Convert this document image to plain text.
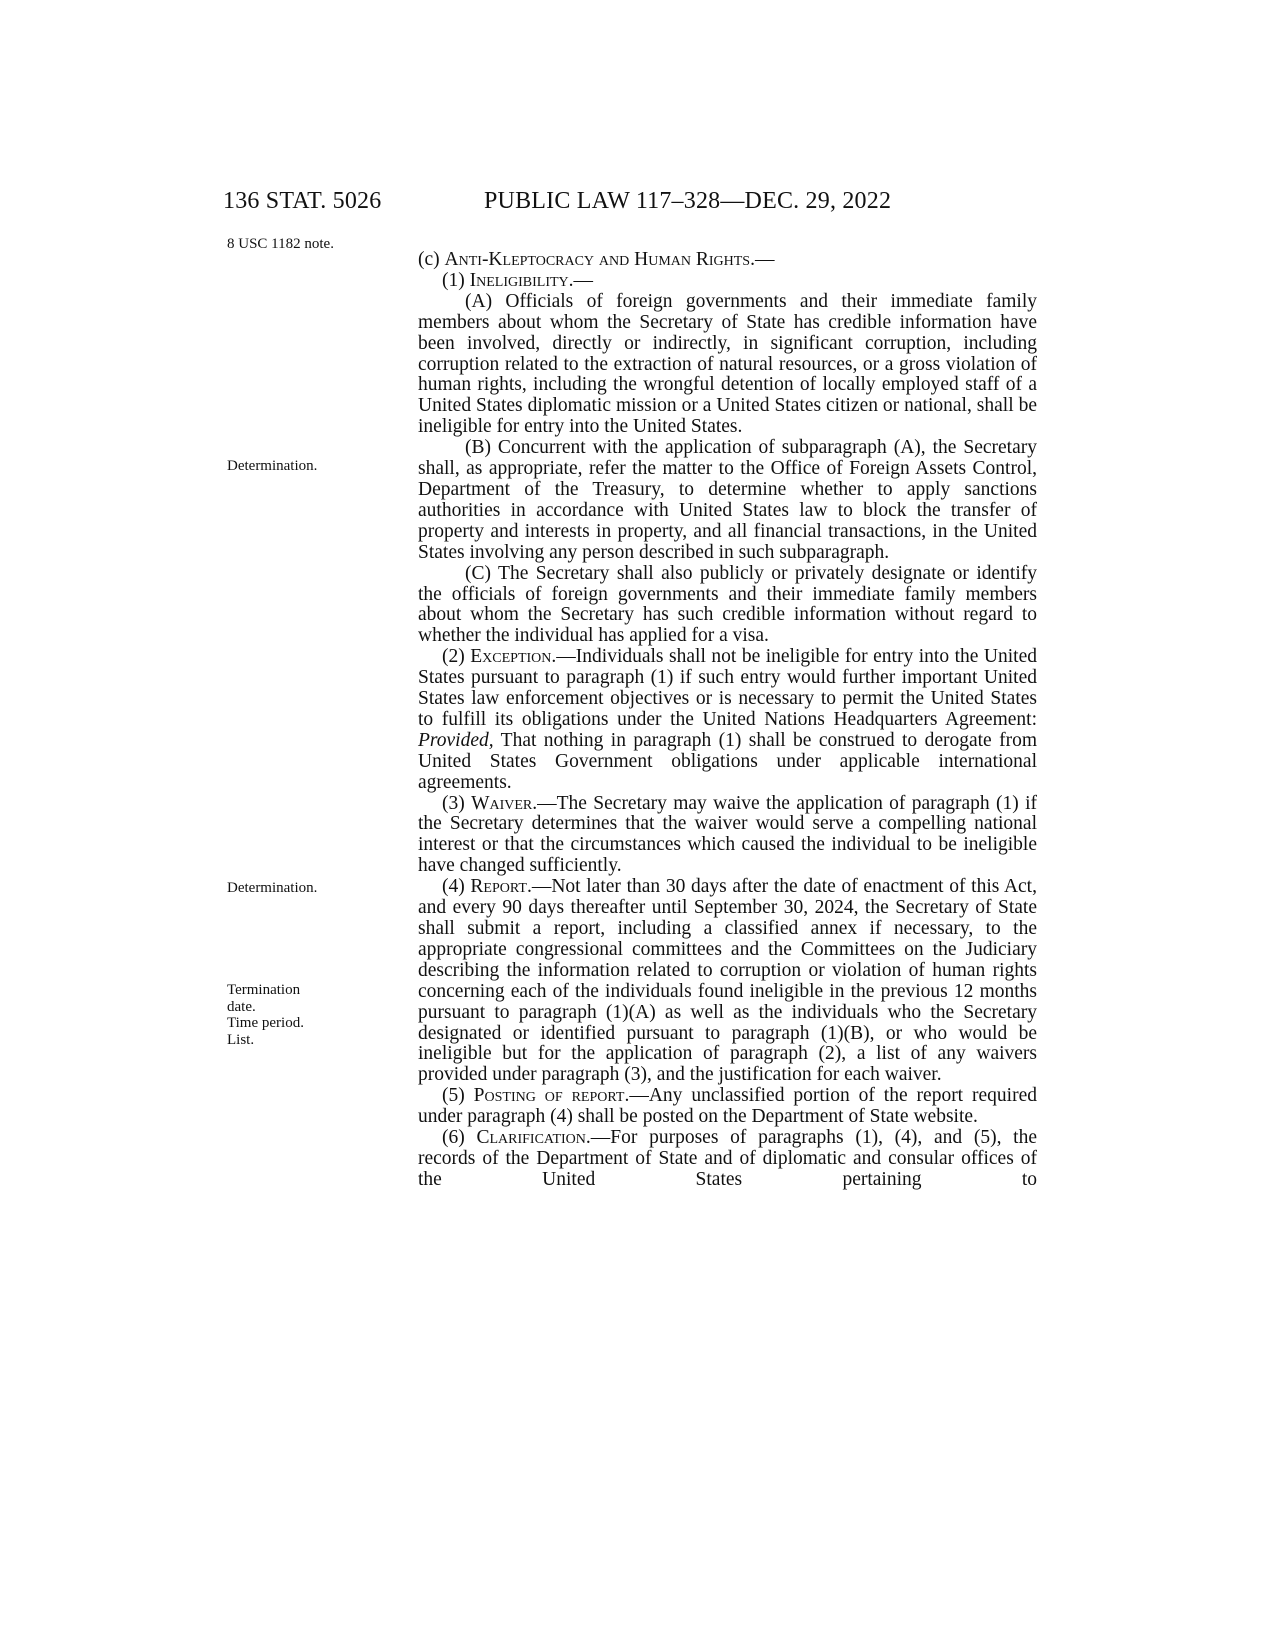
136 STAT. 5026	PUBLIC LAW 117–328—DEC. 29, 2022
8 USC 1182 note.
Determination.
Determination.
Termination
date.
Time period.
List.

(c) Anti-Kleptocracy and Human Rights.—

(1) Ineligibility.—

(A) Officials of foreign governments and their immediate family members about whom the Secretary of State has credible information have been involved, directly or indirectly, in significant corruption, including corruption related to the extraction of natural resources, or a gross violation of human rights, including the wrongful detention of locally employed staff of a United States diplomatic mission or a United States citizen or national, shall be ineligible for entry into the United States.

(B) Concurrent with the application of subparagraph (A), the Secretary shall, as appropriate, refer the matter to the Office of Foreign Assets Control, Department of the Treasury, to determine whether to apply sanctions authorities in accordance with United States law to block the transfer of property and interests in property, and all financial transactions, in the United States involving any person described in such subparagraph.

(C) The Secretary shall also publicly or privately designate or identify the officials of foreign governments and their immediate family members about whom the Secretary has such credible information without regard to whether the individual has applied for a visa.

(2) Exception.—Individuals shall not be ineligible for entry into the United States pursuant to paragraph (1) if such entry would further important United States law enforcement objectives or is necessary to permit the United States to fulfill its obligations under the United Nations Headquarters Agreement: Provided, That nothing in paragraph (1) shall be construed to derogate from United States Government obligations under applicable international agreements.

(3) Waiver.—The Secretary may waive the application of paragraph (1) if the Secretary determines that the waiver would serve a compelling national interest or that the circumstances which caused the individual to be ineligible have changed sufficiently.

(4) Report.—Not later than 30 days after the date of enactment of this Act, and every 90 days thereafter until September 30, 2024, the Secretary of State shall submit a report, including a classified annex if necessary, to the appropriate congressional committees and the Committees on the Judiciary describing the information related to corruption or violation of human rights concerning each of the individuals found ineligible in the previous 12 months pursuant to paragraph (1)(A) as well as the individuals who the Secretary designated or identified pursuant to paragraph (1)(B), or who would be ineligible but for the application of paragraph (2), a list of any waivers provided under paragraph (3), and the justification for each waiver.

(5) Posting of report.—Any unclassified portion of the report required under paragraph (4) shall be posted on the Department of State website.

(6) Clarification.—For purposes of paragraphs (1), (4), and (5), the records of the Department of State and of diplomatic and consular offices of the United States pertaining to
